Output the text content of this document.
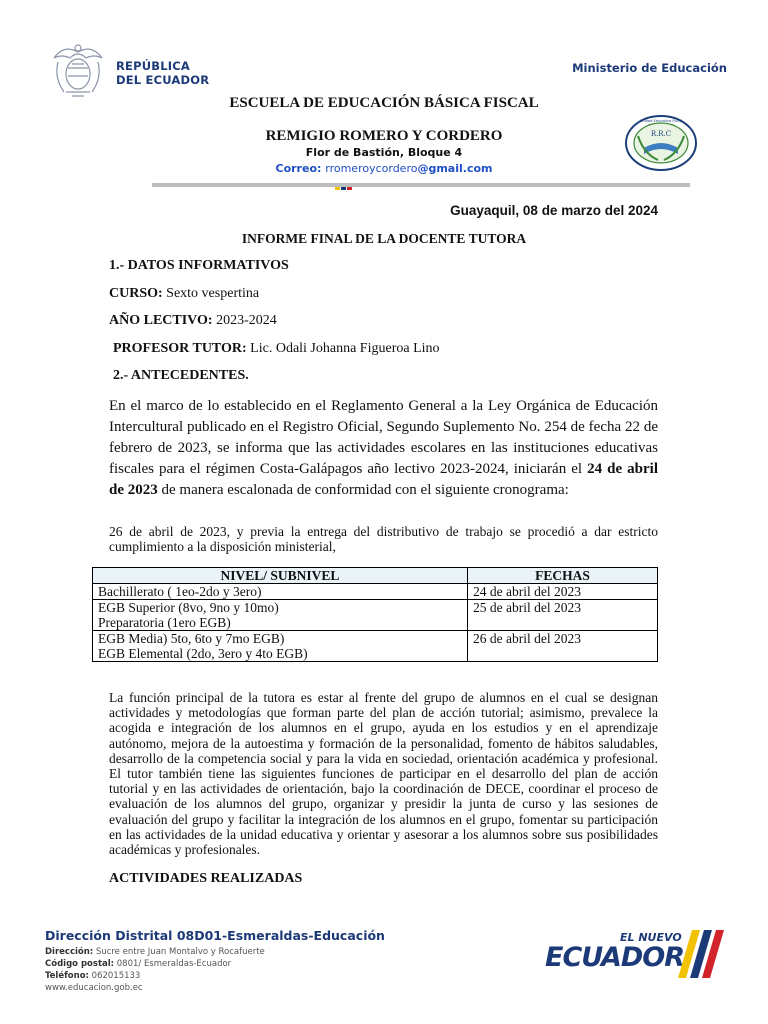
REPÚBLICA
DEL ECUADOR
Ministerio de Educación
ESCUELA DE EDUCACIÓN BÁSICA FISCAL
REMIGIO ROMERO Y CORDERO
Flor de Bastión, Bloque 4
Correo: rromeroycordero@gmail.com
R.R.C
Unidad Educativa Fiscal
Guayaquil, 08 de marzo del 2024
INFORME FINAL DE LA DOCENTE TUTORA
1.- DATOS INFORMATIVOS
CURSO: Sexto vespertina
AÑO LECTIVO: 2023-2024
PROFESOR TUTOR: Lic. Odali Johanna Figueroa Lino
2.- ANTECEDENTES.
En el marco de lo establecido en el Reglamento General a la Ley Orgánica de Educación Intercultural publicado en el Registro Oficial, Segundo Suplemento No. 254 de fecha 22 de febrero de 2023, se informa que las actividades escolares en las instituciones educativas fiscales para el régimen Costa-Galápagos año lectivo 2023-2024, iniciarán el 24 de abril de 2023 de manera escalonada de conformidad con el siguiente cronograma:
26 de abril de 2023, y previa la entrega del distributivo de trabajo se procedió a dar estricto cumplimiento a la disposición ministerial,
NIVEL/ SUBNIVEL	FECHAS

Bachillerato ( 1eo-2do y 3ero)	24 de abril del 2023

EGB Superior (8vo, 9no y 10mo)
Preparatoria (1ero EGB)	25 de abril del 2023

EGB Media) 5to, 6to y 7mo EGB)
EGB Elemental (2do, 3ero y 4to EGB)	26 de abril del 2023
La función principal de la tutora es estar al frente del grupo de alumnos en el cual se designan actividades y metodologías que forman parte del plan de acción tutorial; asimismo, prevalece la acogida e integración de los alumnos en el grupo, ayuda en los estudios y en el aprendizaje autónomo, mejora de la autoestima y formación de la personalidad, fomento de hábitos saludables, desarrollo de la competencia social y para la vida en sociedad, orientación académica y profesional. El tutor también tiene las siguientes funciones de participar en el desarrollo del plan de acción tutorial y en las actividades de orientación, bajo la coordinación de DECE, coordinar el proceso de evaluación de los alumnos del grupo, organizar y presidir la junta de curso y las sesiones de evaluación del grupo y facilitar la integración de los alumnos en el grupo, fomentar su participación en las actividades de la unidad educativa y orientar y asesorar a los alumnos sobre sus posibilidades académicas y profesionales.
ACTIVIDADES REALIZADAS
Dirección Distrital 08D01-Esmeraldas-Educación
Dirección: Sucre entre Juan Montalvo y Rocafuerte
Código postal: 0801/ Esmeraldas-Ecuador
Teléfono: 062015133
www.educacion.gob.ec
EL NUEVO
ECUADOR
